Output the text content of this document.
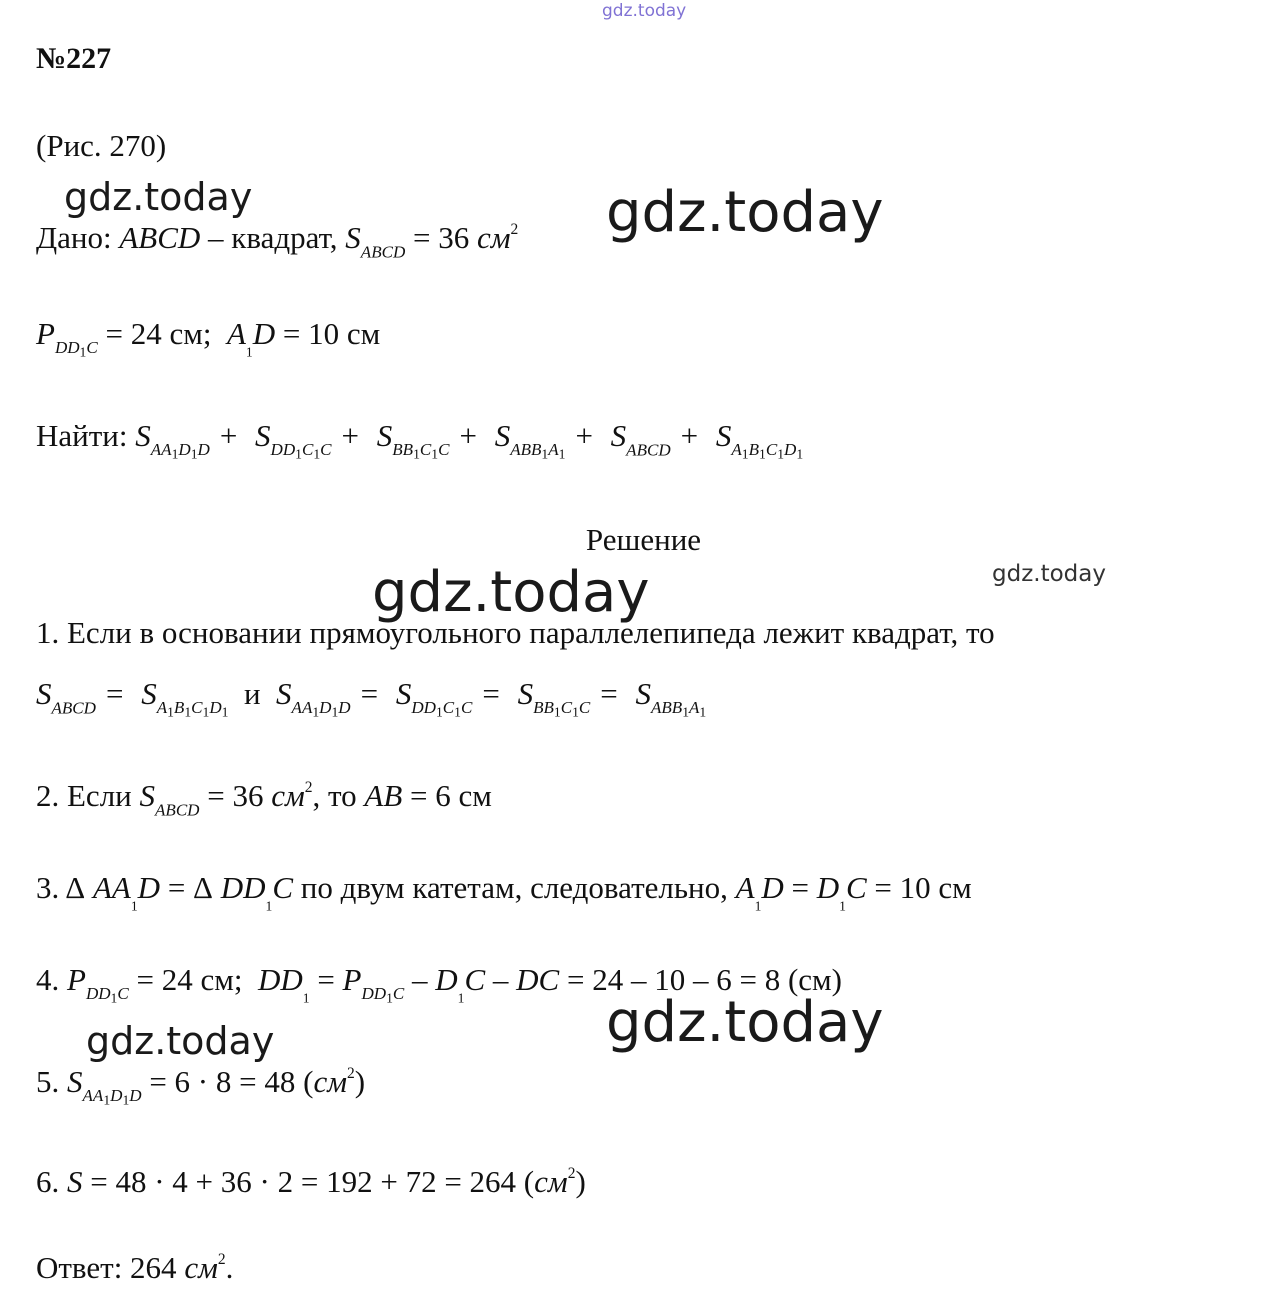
gdz.today
gdz.today	gdz.today
gdz.today	gdz.today
gdz.today
gdz.today
№227
(Рис. 270)
Дано: ABCD – квадрат, $S_{ABCD} = 36$ $см^2$
$P_{DD_1C} = 24$ см; $A_{_1}D = 10$ см
Найти: $S_{AA_1D_1D} + S_{DD_1C_1C} + S_{BB_1C_1C} + S_{ABB_1A_1}+ S_{ABCD} + S_{A_1B_1C_1D_1}$
Решение
1. Если в основании прямоугольного параллелепипеда лежит квадрат, то
$S_{ABCD} = S_{A_1B_1C_1D_1}$  и $S_{AA_1D_1D} = S_{DD_1C_1C} = S_{BB_1C_1C} = S_{ABB_1A_1}$
2. Если $S_{ABCD} = 36$ $см^2$, то AB = 6 см
3. Δ $AA_{_1}D = \Delta$ $DD_{_1}C$ по двум катетам, следовательно, $A_{_1}D = D_{_1}C = 10$ см
4. $P_{DD_1C} = 24$ см; $DD_{_1} = P_{DD_1C} - D_{_1}C$ – DC = 24 – 10 – 6 = 8 (см)
5. $S_{AA_1D_1D} = 6 \cdot 8 = 48$ $(см^2)$
6. S = 48 · 4 + 36 · 2 = 192 + 72 = 264 $(см^2)$
Ответ: 264 $см^2$.
